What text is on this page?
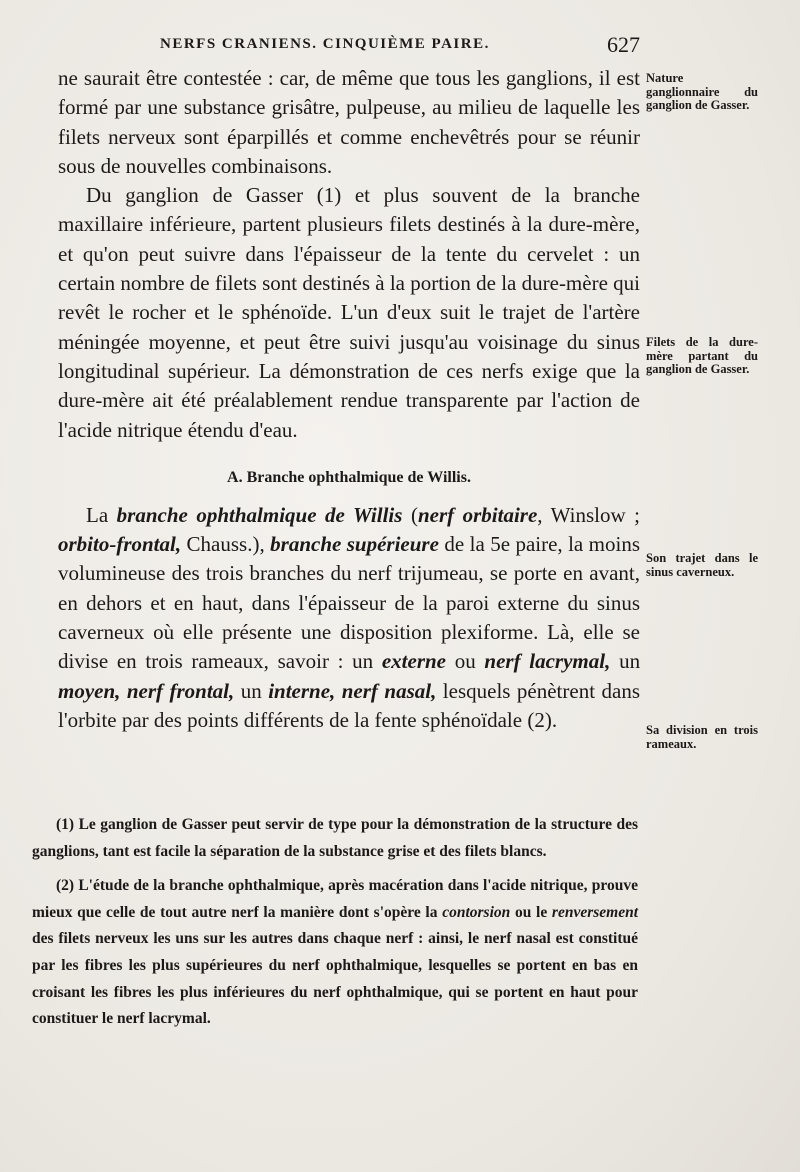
NERFS CRANIENS. CINQUIÈME PAIRE.	627

ne saurait être contestée : car, de même que tous les ganglions, il est formé par une substance grisâtre, pulpeuse, au milieu de laquelle les filets nerveux sont éparpillés et comme enchevêtrés pour se réunir sous de nouvelles combinaisons.

Du ganglion de Gasser (1) et plus souvent de la branche maxillaire inférieure, partent plusieurs filets destinés à la dure-mère, et qu'on peut suivre dans l'épaisseur de la tente du cervelet : un certain nombre de filets sont destinés à la portion de la dure-mère qui revêt le rocher et le sphénoïde. L'un d'eux suit le trajet de l'artère méningée moyenne, et peut être suivi jusqu'au voisinage du sinus longitudinal supérieur. La démonstration de ces nerfs exige que la dure-mère ait été préalablement rendue transparente par l'action de l'acide nitrique étendu d'eau.

A. Branche ophthalmique de Willis.

La branche ophthalmique de Willis (nerf orbitaire, Winslow ; orbito-frontal, Chauss.), branche supérieure de la 5e paire, la moins volumineuse des trois branches du nerf trijumeau, se porte en avant, en dehors et en haut, dans l'épaisseur de la paroi externe du sinus caverneux où elle présente une disposition plexiforme. Là, elle se divise en trois rameaux, savoir : un externe ou nerf lacrymal, un moyen, nerf frontal, un interne, nerf nasal, lesquels pénètrent dans l'orbite par des points différents de la fente sphénoïdale (2).

(1) Le ganglion de Gasser peut servir de type pour la démonstration de la structure des ganglions, tant est facile la séparation de la substance grise et des filets blancs.

(2) L'étude de la branche ophthalmique, après macération dans l'acide nitrique, prouve mieux que celle de tout autre nerf la manière dont s'opère la contorsion ou le renversement des filets nerveux les uns sur les autres dans chaque nerf : ainsi, le nerf nasal est constitué par les fibres les plus supérieures du nerf ophthalmique, lesquelles se portent en bas en croisant les fibres les plus inférieures du nerf ophthalmique, qui se portent en haut pour constituer le nerf lacrymal.

Nature ganglionnaire du ganglion de Gasser.
Filets de la dure-mère partant du ganglion de Gasser.
Son trajet dans le sinus caverneux.
Sa division en trois rameaux.
